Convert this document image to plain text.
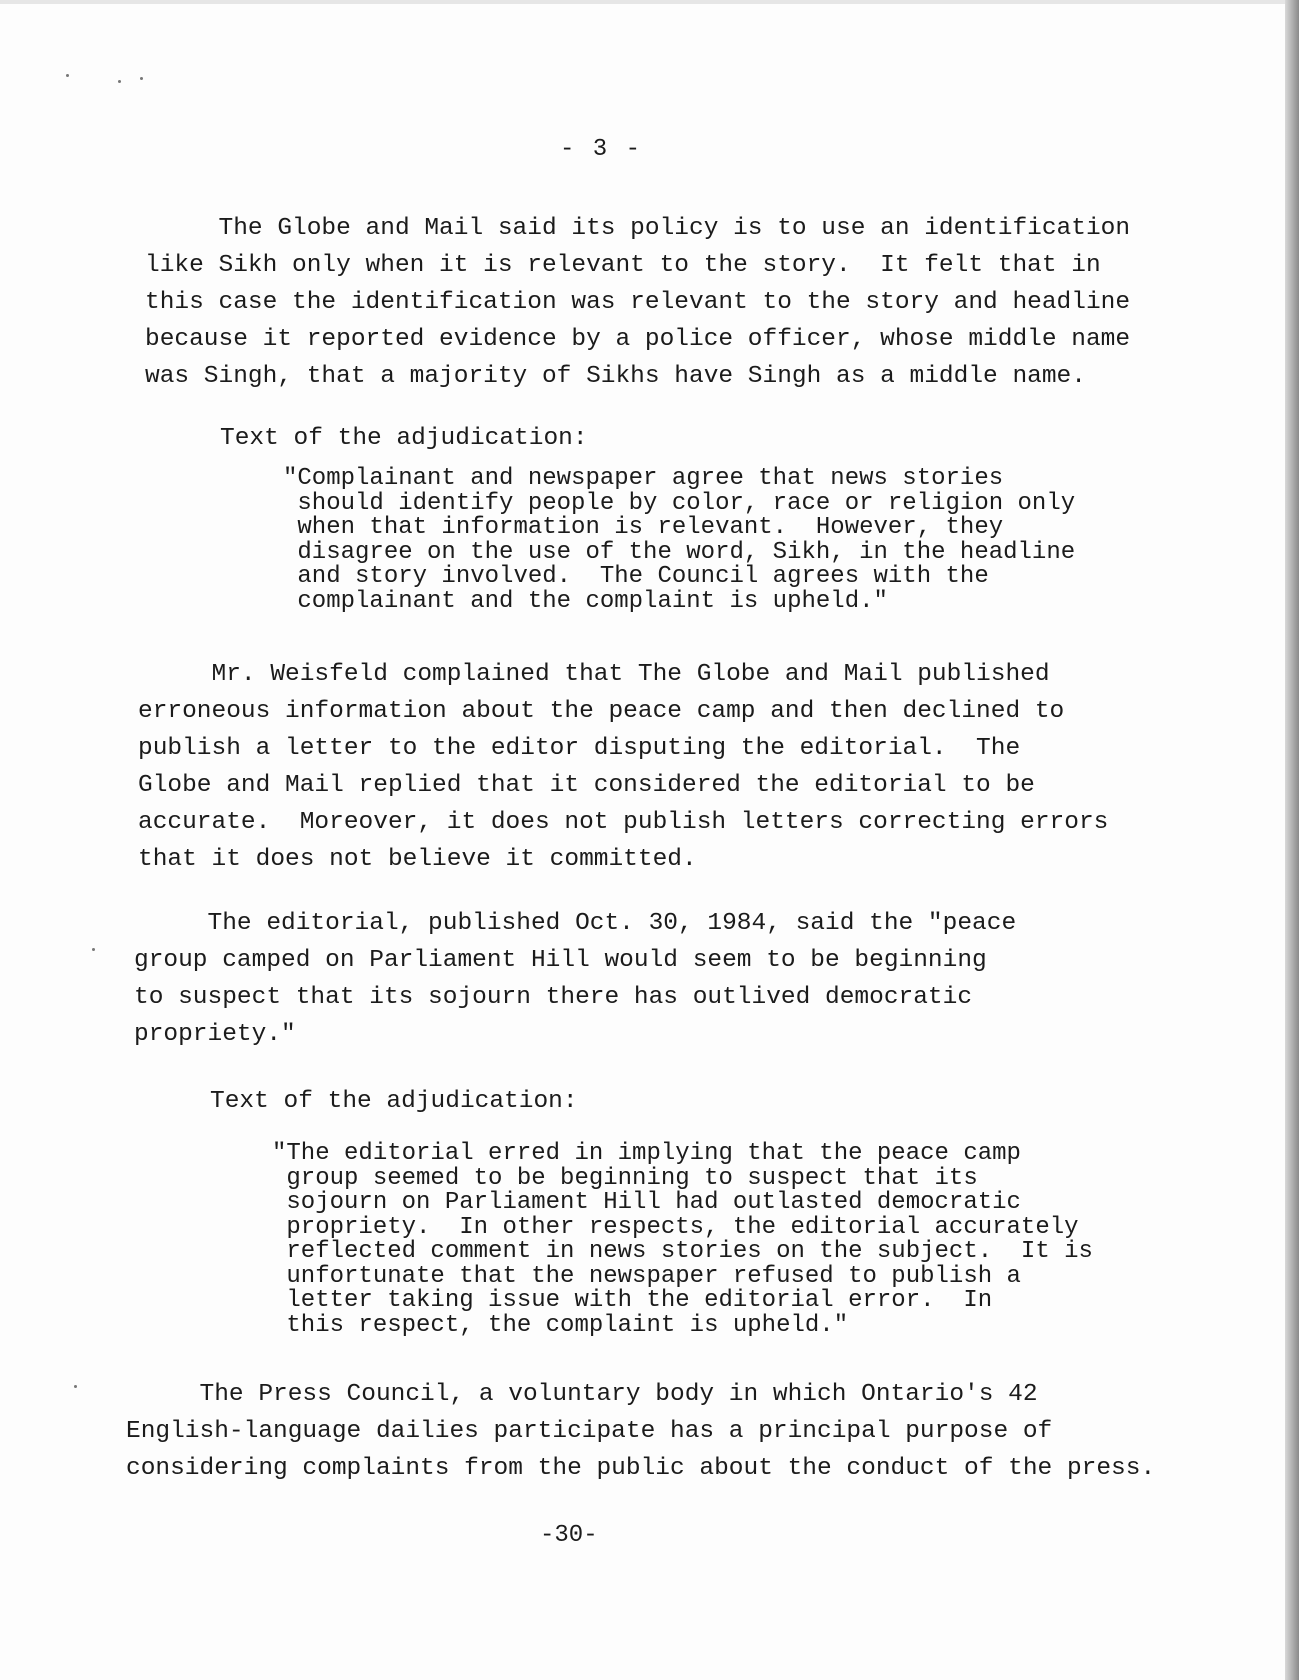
- 3 -

The Globe and Mail said its policy is to use an identification
like Sikh only when it is relevant to the story.  It felt that in
this case the identification was relevant to the story and headline
because it reported evidence by a police officer, whose middle name
was Singh, that a majority of Sikhs have Singh as a middle name.

Text of the adjudication:

"Complainant and newspaper agree that news stories
should identify people by color, race or religion only
when that information is relevant.  However, they
disagree on the use of the word, Sikh, in the headline
and story involved.  The Council agrees with the
complainant and the complaint is upheld."

Mr. Weisfeld complained that The Globe and Mail published
erroneous information about the peace camp and then declined to
publish a letter to the editor disputing the editorial.  The
Globe and Mail replied that it considered the editorial to be
accurate.  Moreover, it does not publish letters correcting errors
that it does not believe it committed.

The editorial, published Oct. 30, 1984, said the "peace
group camped on Parliament Hill would seem to be beginning
to suspect that its sojourn there has outlived democratic
propriety."

Text of the adjudication:

"The editorial erred in implying that the peace camp
group seemed to be beginning to suspect that its
sojourn on Parliament Hill had outlasted democratic
propriety.  In other respects, the editorial accurately
reflected comment in news stories on the subject.  It is
unfortunate that the newspaper refused to publish a
letter taking issue with the editorial error.  In
this respect, the complaint is upheld."

The Press Council, a voluntary body in which Ontario's 42
English-language dailies participate has a principal purpose of
considering complaints from the public about the conduct of the press.

-30-
